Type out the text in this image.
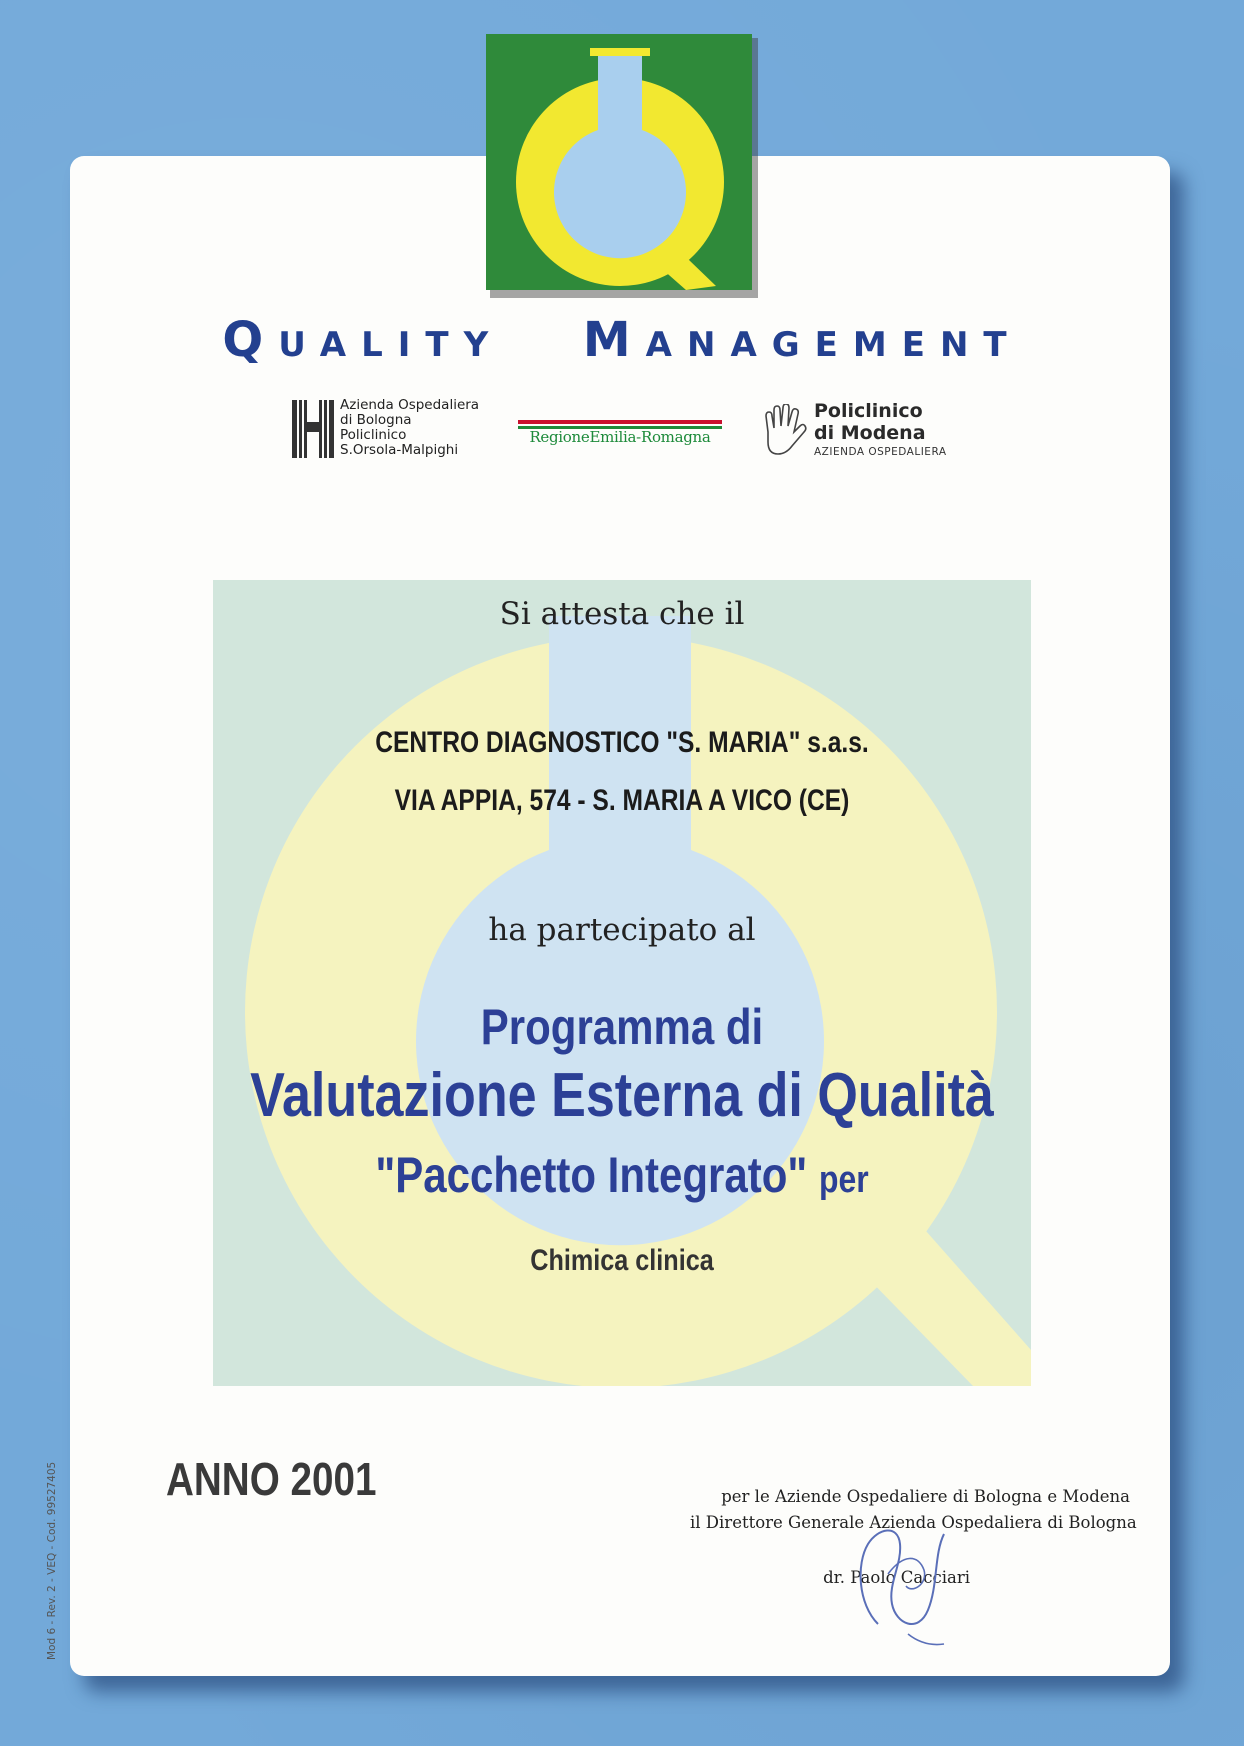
QUALITY MANAGEMENT
Azienda Ospedaliera
di Bologna
Policlinico
S.Orsola-Malpighi
RegioneEmilia-Romagna
Policlinico
di Modena
AZIENDA OSPEDALIERA
Si attesta che il
CENTRO DIAGNOSTICO "S. MARIA" s.a.s.
VIA APPIA, 574 - S. MARIA A VICO (CE)
ha partecipato al
Programma di
Valutazione Esterna di Qualità
"Pacchetto Integrato" per
Chimica clinica
ANNO 2001	per le Aziende Ospedaliere di Bologna e Modena
il Direttore Generale Azienda Ospedaliera di Bologna
dr. Paolo Cacciari
Mod 6 - Rev. 2 - VEQ - Cod. 99527405
